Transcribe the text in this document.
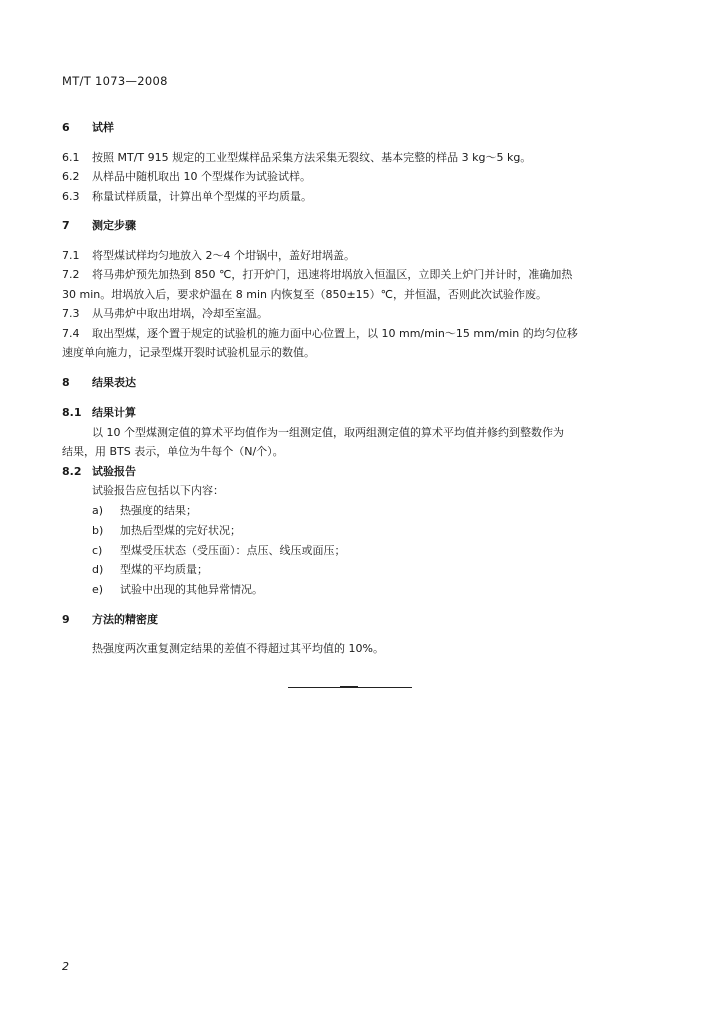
MT/T 1073—2008
6 试样
6.1 按照 MT/T 915 规定的工业型煤样品采集方法采集无裂纹、基本完整的样品 3 kg～5 kg。
6.2 从样品中随机取出 10 个型煤作为试验试样。
6.3 称量试样质量，计算出单个型煤的平均质量。
7 测定步骤
7.1 将型煤试样均匀地放入 2～4 个坩锅中，盖好坩埚盖。
7.2 将马弗炉预先加热到 850 ℃，打开炉门，迅速将坩埚放入恒温区，立即关上炉门并计时，准确加热
30 min。坩埚放入后，要求炉温在 8 min 内恢复至（850±15）℃，并恒温，否则此次试验作废。
7.3 从马弗炉中取出坩埚，冷却至室温。
7.4 取出型煤，逐个置于规定的试验机的施力面中心位置上，以 10 mm/min～15 mm/min 的均匀位移
速度单向施力，记录型煤开裂时试验机显示的数值。
8 结果表达
8.1 结果计算
以 10 个型煤测定值的算术平均值作为一组测定值，取两组测定值的算术平均值并修约到整数作为
结果，用 BTS 表示，单位为牛每个（N/个）。
8.2 试验报告
试验报告应包括以下内容：
a) 热强度的结果；
b) 加热后型煤的完好状况；
c) 型煤受压状态（受压面）：点压、线压或面压；
d) 型煤的平均质量；
e) 试验中出现的其他异常情况。
9 方法的精密度
热强度两次重复测定结果的差值不得超过其平均值的 10%。
2
